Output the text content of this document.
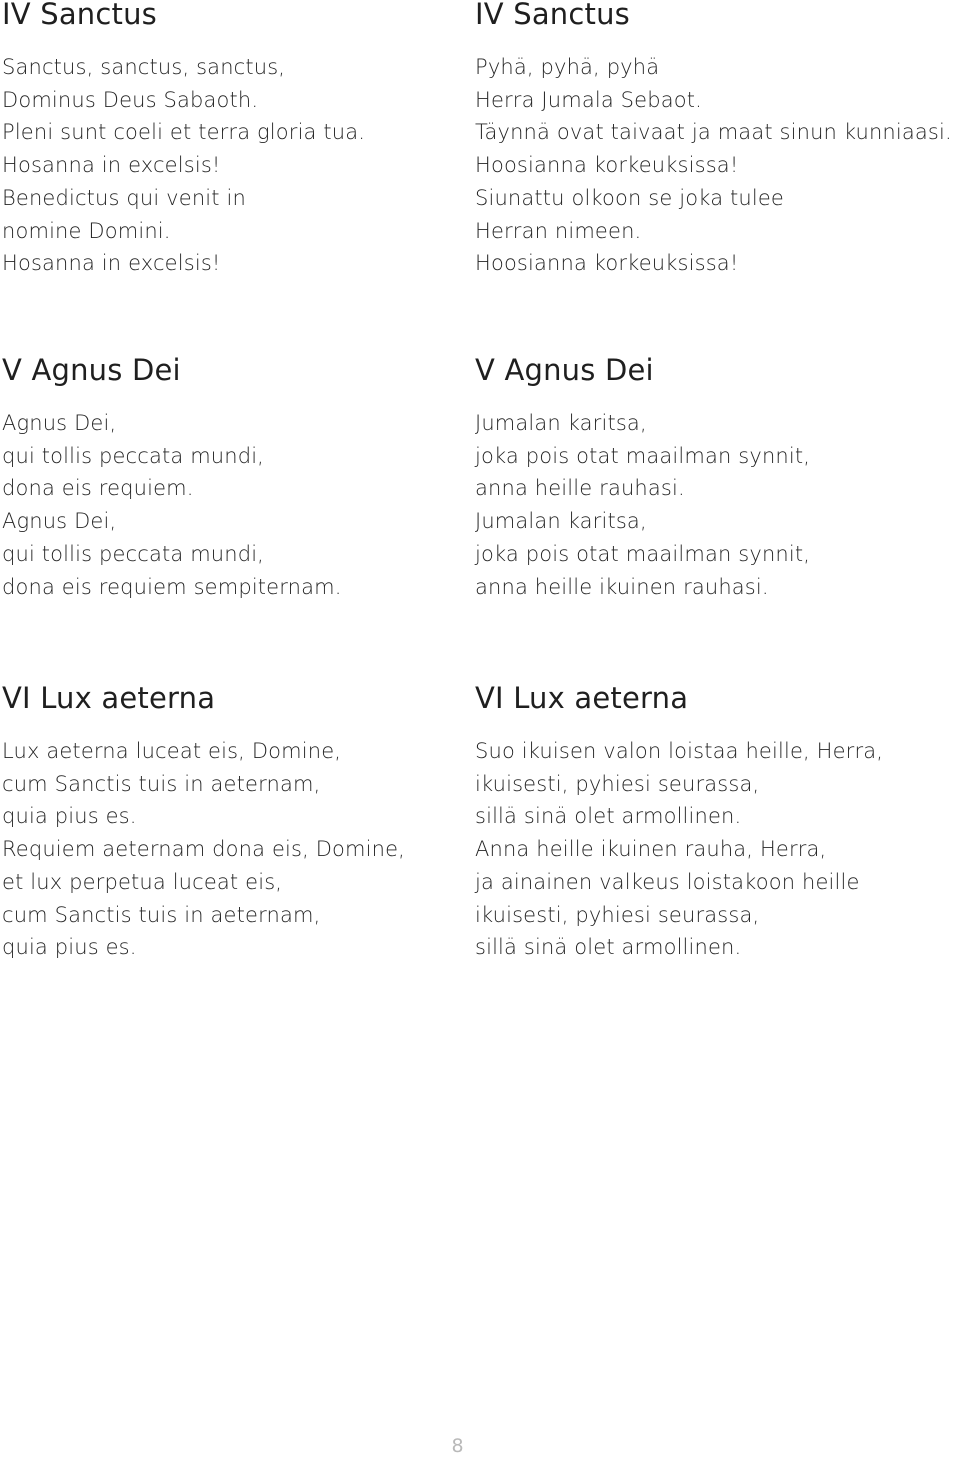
IV Sanctus
Sanctus, sanctus, sanctus,
Dominus Deus Sabaoth.
Pleni sunt coeli et terra gloria tua.
Hosanna in excelsis!
Benedictus qui venit in
nomine Domini.
Hosanna in excelsis!
V Agnus Dei
Agnus Dei,
qui tollis peccata mundi,
dona eis requiem.
Agnus Dei,
qui tollis peccata mundi,
dona eis requiem sempiternam.
VI Lux aeterna
Lux aeterna luceat eis, Domine,
cum Sanctis tuis in aeternam,
quia pius es.
Requiem aeternam dona eis, Domine,
et lux perpetua luceat eis,
cum Sanctis tuis in aeternam,
quia pius es.
IV Sanctus
Pyhä, pyhä, pyhä
Herra Jumala Sebaot.
Täynnä ovat taivaat ja maat sinun kunniaasi.
Hoosianna korkeuksissa!
Siunattu olkoon se joka tulee
Herran nimeen.
Hoosianna korkeuksissa!
V Agnus Dei
Jumalan karitsa,
joka pois otat maailman synnit,
anna heille rauhasi.
Jumalan karitsa,
joka pois otat maailman synnit,
anna heille ikuinen rauhasi.
VI Lux aeterna
Suo ikuisen valon loistaa heille, Herra,
ikuisesti, pyhiesi seurassa,
sillä sinä olet armollinen.
Anna heille ikuinen rauha, Herra,
ja ainainen valkeus loistakoon heille
ikuisesti, pyhiesi seurassa,
sillä sinä olet armollinen.
8
